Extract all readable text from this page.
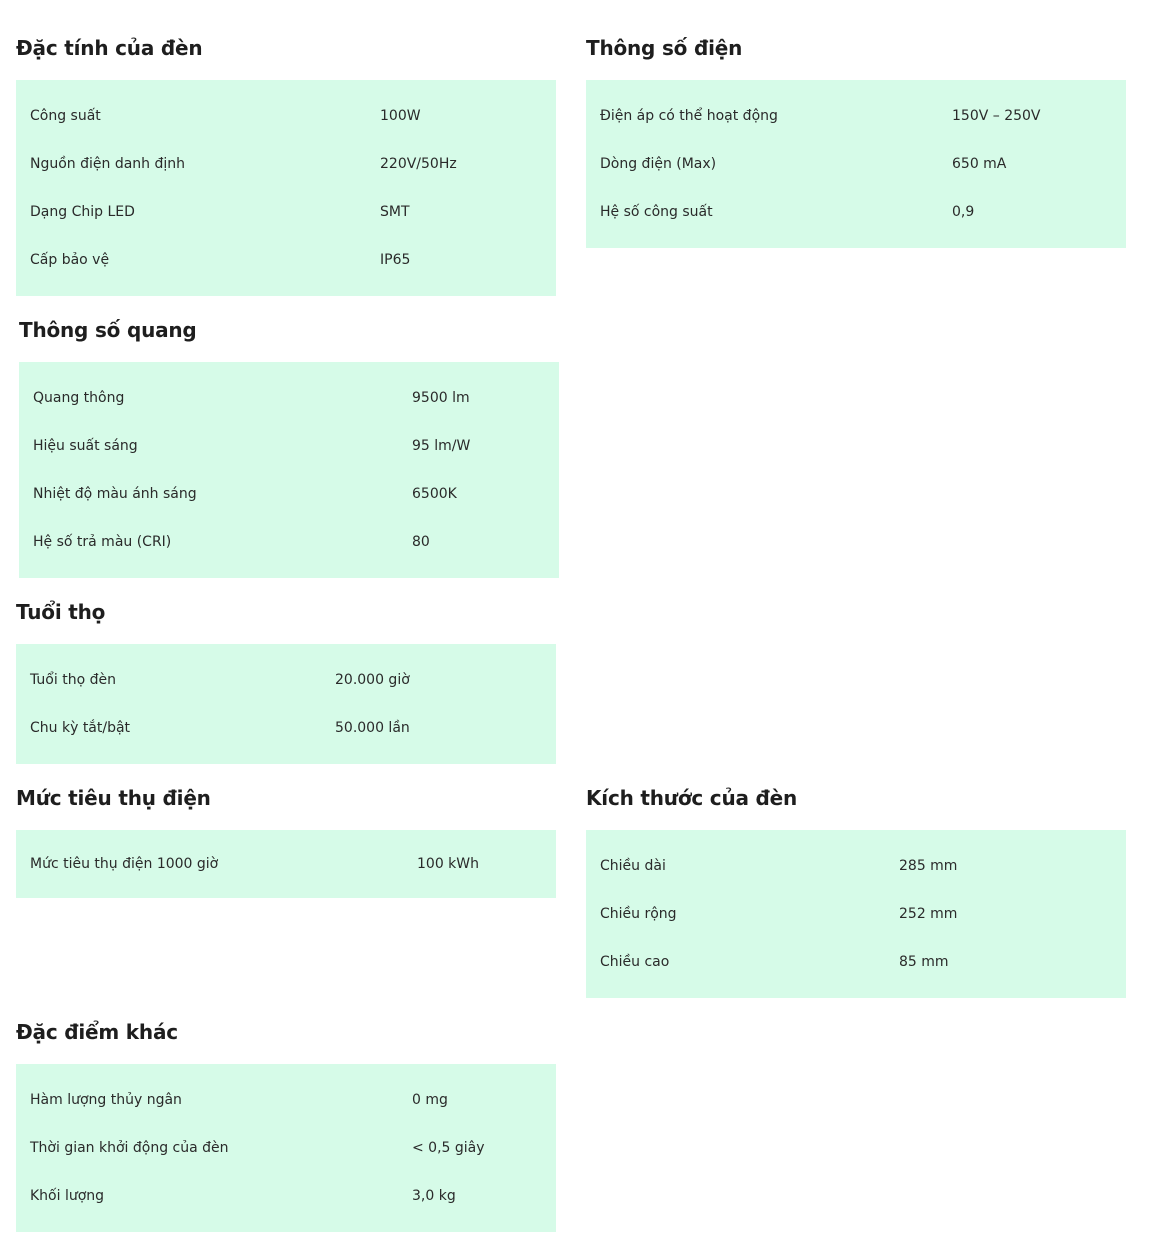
Đặc tính của đèn
Công suất	100W
Nguồn điện danh định	220V/50Hz
Dạng Chip LED	SMT
Cấp bảo vệ	IP65
Thông số điện
Điện áp có thể hoạt động	150V – 250V
Dòng điện (Max)	650 mA
Hệ số công suất	0,9
Thông số quang
Quang thông	9500 lm
Hiệu suất sáng	95 lm/W
Nhiệt độ màu ánh sáng	6500K
Hệ số trả màu (CRI)	80
Tuổi thọ
Tuổi thọ đèn	20.000 giờ
Chu kỳ tắt/bật	50.000 lần
Mức tiêu thụ điện
Mức tiêu thụ điện 1000 giờ	100 kWh
Kích thước của đèn
Chiều dài	285 mm
Chiều rộng	252 mm
Chiều cao	85 mm
Đặc điểm khác
Hàm lượng thủy ngân	0 mg
Thời gian khởi động của đèn	< 0,5 giây
Khối lượng	3,0 kg
